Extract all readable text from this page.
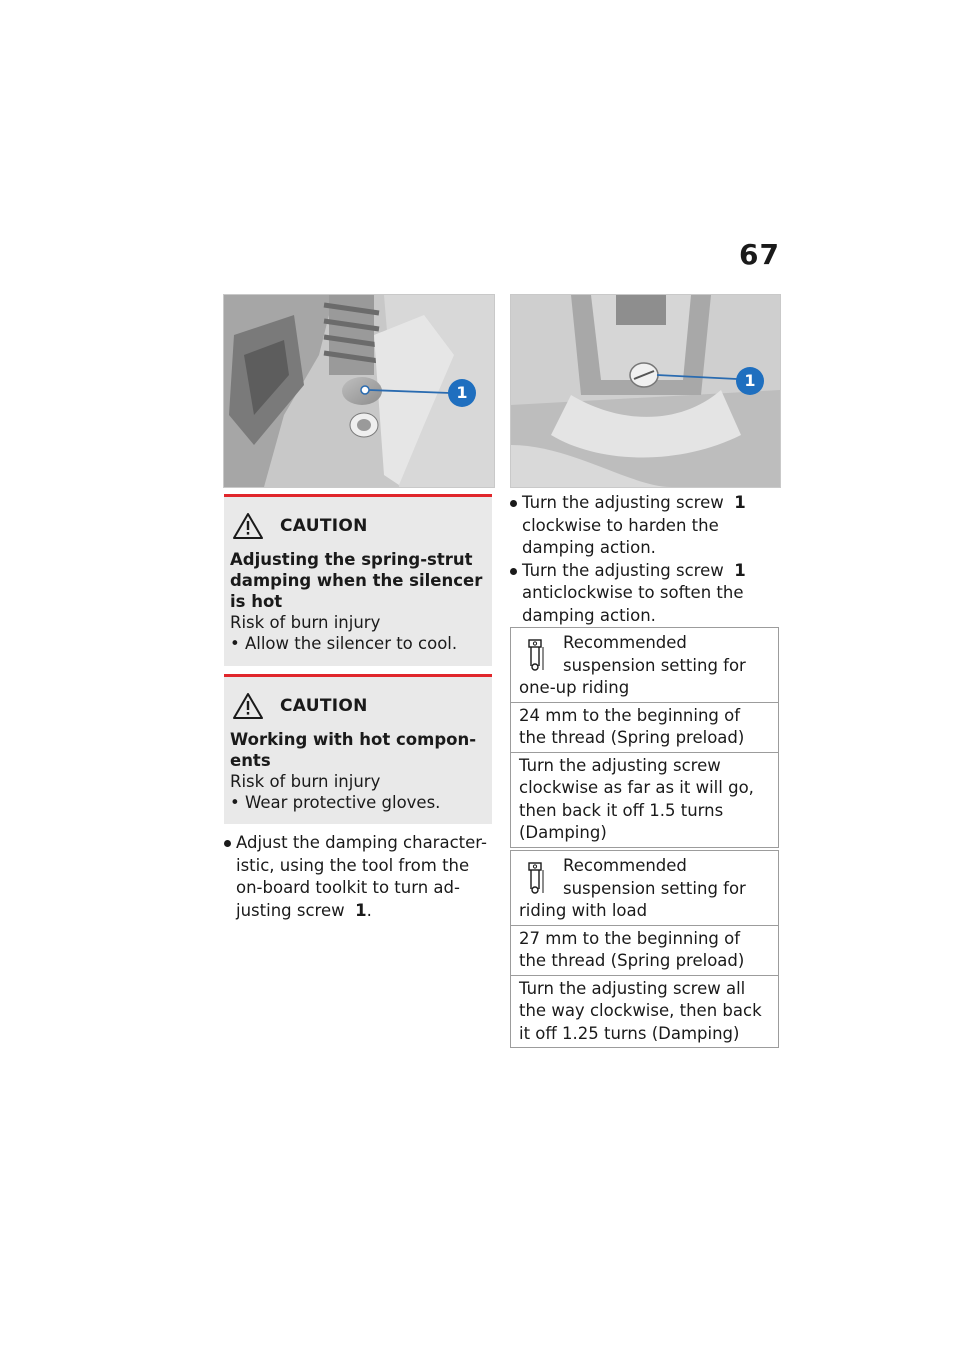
67
1
1
CAUTION
Adjusting the spring-strut damping when the silencer is hot
Risk of burn injury
• Allow the silencer to cool.
CAUTION
Working with hot compon-ents
Risk of burn injury
• Wear protective gloves.
Adjust the damping character-istic, using the tool from the on-board toolkit to turn ad-justing screw 1.
Turn the adjusting screw 1 clockwise to harden the damping action.
Turn the adjusting screw 1 anticlockwise to soften the damping action.
Recommended
suspension setting for
one-up riding
24 mm to the beginning of the thread (Spring preload)
Turn the adjusting screw clockwise as far as it will go, then back it off 1.5 turns (Damping)
Recommended
suspension setting for
riding with load
27 mm to the beginning of the thread (Spring preload)
Turn the adjusting screw all the way clockwise, then back it off 1.25 turns (Damping)
